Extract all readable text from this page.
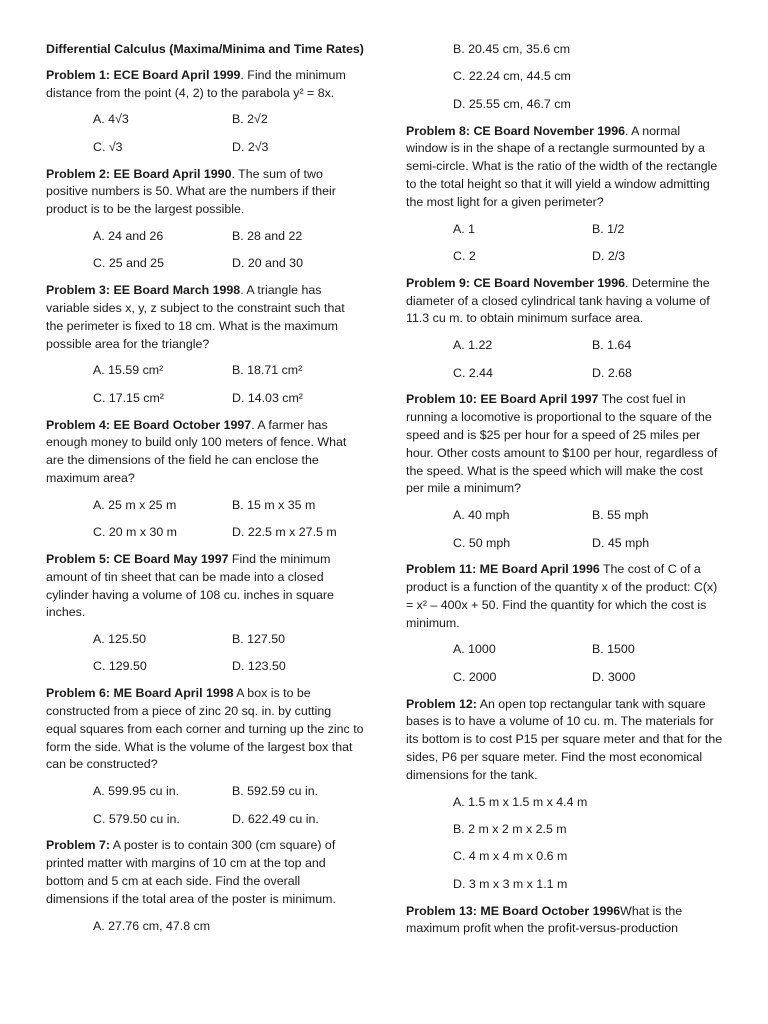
Differential Calculus (Maxima/Minima and Time Rates)

Problem 1: ECE Board April 1999. Find the minimum distance from the point (4, 2) to the parabola y² = 8x.

A. 4√3	B. 2√2
C. √3	D. 2√3

Problem 2: EE Board April 1990. The sum of two positive numbers is 50. What are the numbers if their product is to be the largest possible.

A. 24 and 26	B. 28 and 22
C. 25 and 25	D. 20 and 30

Problem 3: EE Board March 1998. A triangle has variable sides x, y, z subject to the constraint such that the perimeter is fixed to 18 cm. What is the maximum possible area for the triangle?

A. 15.59 cm²	B. 18.71 cm²
C. 17.15 cm²	D. 14.03 cm²

Problem 4: EE Board October 1997. A farmer has enough money to build only 100 meters of fence. What are the dimensions of the field he can enclose the maximum area?

A. 25 m x 25 m	B. 15 m x 35 m
C. 20 m x 30 m	D. 22.5 m x 27.5 m

Problem 5: CE Board May 1997 Find the minimum amount of tin sheet that can be made into a closed cylinder having a volume of 108 cu. inches in square inches.

A. 125.50	B. 127.50
C. 129.50	D. 123.50

Problem 6: ME Board April 1998 A box is to be constructed from a piece of zinc 20 sq. in. by cutting equal squares from each corner and turning up the zinc to form the side. What is the volume of the largest box that can be constructed?

A. 599.95 cu in.	B. 592.59 cu in.
C. 579.50 cu in.	D. 622.49 cu in.

Problem 7: A poster is to contain 300 (cm square) of printed matter with margins of 10 cm at the top and bottom and 5 cm at each side. Find the overall dimensions if the total area of the poster is minimum.

A. 27.76 cm, 47.8 cm
B. 20.45 cm, 35.6 cm
C. 22.24 cm, 44.5 cm
D. 25.55 cm, 46.7 cm

Problem 8: CE Board November 1996. A normal window is in the shape of a rectangle surmounted by a semi-circle. What is the ratio of the width of the rectangle to the total height so that it will yield a window admitting the most light for a given perimeter?

A. 1	B. 1/2
C. 2	D. 2/3

Problem 9: CE Board November 1996. Determine the diameter of a closed cylindrical tank having a volume of 11.3 cu m. to obtain minimum surface area.

A. 1.22	B. 1.64
C. 2.44	D. 2.68

Problem 10: EE Board April 1997 The cost fuel in running a locomotive is proportional to the square of the speed and is $25 per hour for a speed of 25 miles per hour. Other costs amount to $100 per hour, regardless of the speed. What is the speed which will make the cost per mile a minimum?

A. 40 mph	B. 55 mph
C. 50 mph	D. 45 mph

Problem 11: ME Board April 1996 The cost of C of a product is a function of the quantity x of the product: C(x) = x² – 400x + 50. Find the quantity for which the cost is minimum.

A. 1000	B. 1500
C. 2000	D. 3000

Problem 12: An open top rectangular tank with square bases is to have a volume of 10 cu. m. The materials for its bottom is to cost P15 per square meter and that for the sides, P6 per square meter. Find the most economical dimensions for the tank.

A. 1.5 m x 1.5 m x 4.4 m
B. 2 m x 2 m x 2.5 m
C. 4 m x 4 m x 0.6 m
D. 3 m x 3 m x 1.1 m

Problem 13: ME Board October 1996What is the maximum profit when the profit-versus-production
